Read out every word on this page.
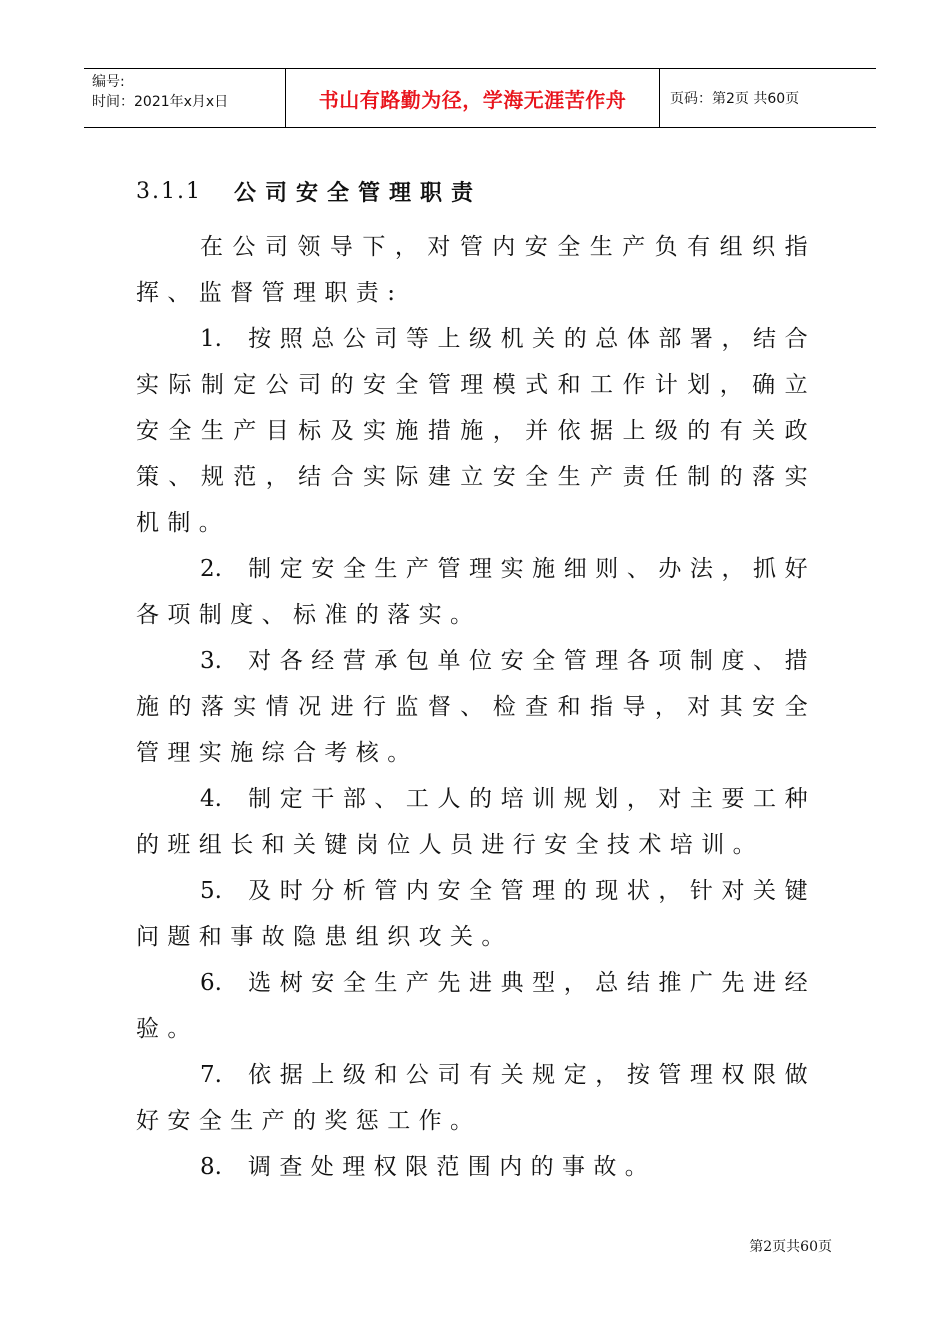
编号:
时间：2021年x月x日	书山有路勤为径，学海无涯苦作舟	页码：第2页 共60页
3.1.1	公司安全管理职责

在公司领导下，对管内安全生产负有组织指挥、监督管理职责:

1. 按照总公司等上级机关的总体部署，结合实际制定公司的安全管理模式和工作计划，确立安全生产目标及实施措施，并依据上级的有关政策、规范，结合实际建立安全生产责任制的落实机制。

2. 制定安全生产管理实施细则、办法，抓好各项制度、标准的落实。

3. 对各经营承包单位安全管理各项制度、措施的落实情况进行监督、检查和指导，对其安全管理实施综合考核。

4. 制定干部、工人的培训规划，对主要工种的班组长和关键岗位人员进行安全技术培训。

5. 及时分析管内安全管理的现状，针对关键问题和事故隐患组织攻关。

6. 选树安全生产先进典型，总结推广先进经验。

7. 依据上级和公司有关规定，按管理权限做好安全生产的奖惩工作。

8. 调查处理权限范围内的事故。

第2页共60页
